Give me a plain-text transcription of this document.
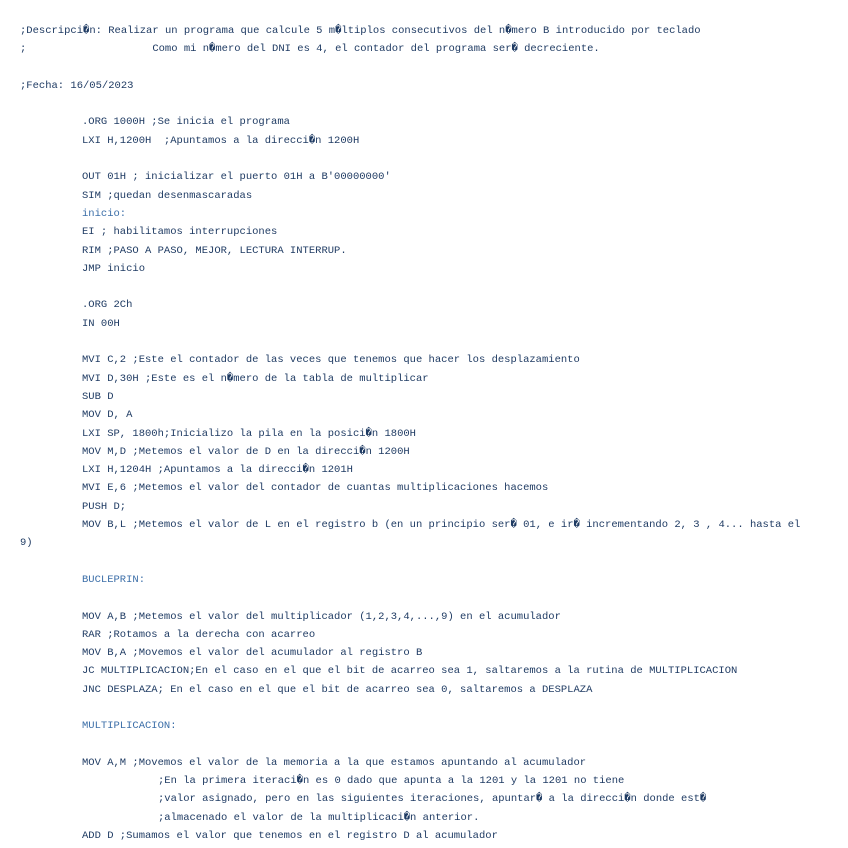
;Descripci�n: Realizar un programa que calcule 5 m�ltiplos consecutivos del n�mero B introducido por teclado
;                    Como mi n�mero del DNI es 4, el contador del programa ser� decreciente.
;Fecha: 16/05/2023
.ORG 1000H ;Se inicia el programa
LXI H,1200H  ;Apuntamos a la direcci�n 1200H
OUT 01H ; inicializar el puerto 01H a B'00000000'
SIM ;quedan desenmascaradas
inicio:
EI ; habilitamos interrupciones
RIM ;PASO A PASO, MEJOR, LECTURA INTERRUP.
JMP inicio
.ORG 2Ch
IN 00H
MVI C,2 ;Este el contador de las veces que tenemos que hacer los desplazamiento
MVI D,30H ;Este es el n�mero de la tabla de multiplicar
SUB D
MOV D, A
LXI SP, 1800h;Inicializo la pila en la posici�n 1800H
MOV M,D ;Metemos el valor de D en la direcci�n 1200H
LXI H,1204H ;Apuntamos a la direcci�n 1201H
MVI E,6 ;Metemos el valor del contador de cuantas multiplicaciones hacemos
PUSH D;
MOV B,L ;Metemos el valor de L en el registro b (en un principio ser� 01, e ir� incrementando 2, 3 , 4... hasta el
9)
BUCLEPRIN:
MOV A,B ;Metemos el valor del multiplicador (1,2,3,4,...,9) en el acumulador
RAR ;Rotamos a la derecha con acarreo
MOV B,A ;Movemos el valor del acumulador al registro B
JC MULTIPLICACION;En el caso en el que el bit de acarreo sea 1, saltaremos a la rutina de MULTIPLICACION
JNC DESPLAZA; En el caso en el que el bit de acarreo sea 0, saltaremos a DESPLAZA
MULTIPLICACION:
MOV A,M ;Movemos el valor de la memoria a la que estamos apuntando al acumulador
;En la primera iteraci�n es 0 dado que apunta a la 1201 y la 1201 no tiene
;valor asignado, pero en las siguientes iteraciones, apuntar� a la direcci�n donde est�
;almacenado el valor de la multiplicaci�n anterior.
ADD D ;Sumamos el valor que tenemos en el registro D al acumulador
